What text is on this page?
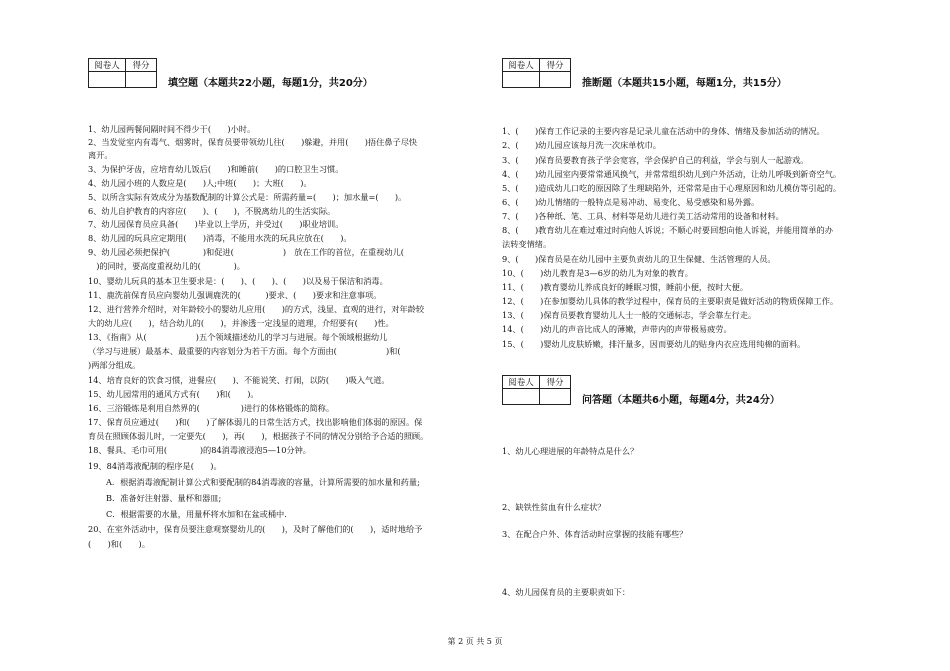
阅卷人	得分

填空题（本题共22小题，每题1分，共20分）
1、幼儿园两餐间隔时间不得少于(　　)小时。
2、当发觉室内有毒气、烟雾时，保育员要带领幼儿往(　　)躲避，并用(　　)捂住鼻子尽快
离开。
3、为保护牙齿，应培育幼儿饭后(　　)和睡前(　　)的口腔卫生习惯。
4、幼儿园小班的人数应是(　　)人;中班(　　)；大班(　　)。
5、以所含实际有效成分为基数配制的计算公式是：所需药量=(　　)；加水量=(　　)。
6、幼儿自护教育的内容应(　　)、(　　)，不脱离幼儿的生活实际。
7、幼儿园保育员应具备(　　)毕业以上学历，并受过(　　)职业培训。
8、幼儿园的玩具应定期用(　　)消毒，不能用水洗的玩具应放在(　　)。
9、幼儿园必须把保护(　　　　)和促进(　　　　　　)　放在工作的首位，在重视幼儿(
　)的同时，要高度重视幼儿的(　　　　)。
10、婴幼儿玩具的基本卫生要求是：(　　)、(　　)、(　　)以及易于保洁和消毒。
11、鹿洗前保育员应向婴幼儿强调鹿洗的(　　　)要求、(　　)要求和注意事项。
12、进行营养介绍时，对年龄较小的婴幼儿应用(　　)的方式，浅显、直观的进行，对年龄较
大的幼儿应(　　)，结合幼儿的(　　)，并渗透一定浅显的道理，介绍要有(　　)性。
13、《指南》从(　　　　　　)五个领域描述幼儿的学习与进展。每个领域根据幼儿
（学习与进展）最基本、最重要的内容划分为若干方面。每个方面由(　　　　　　)和(
)两部分组成。
14、培育良好的饮食习惯，进餐应(　　)、不能说笑、打闹，以防(　　)吸入气道。
15、幼儿园常用的通风方式有(　　)和(　　)。
16、三浴锻炼是利用自然界的(　　　　　)进行的体格锻炼的简称。
17、保育员应通过(　　)和(　　)了解体弱儿的日常生活方式，找出影响他们体弱的原因。保
育员在照顾体弱儿时，一定要先(　　)，再(　　)，根据孩子不同的情况分别给予合适的照顾。
18、餐具、毛巾可用(　　　　)的84消毒液浸泡5—10分钟。
19、84消毒液配制的程序是(　　)。
A．根据消毒液配制计算公式和要配制的84消毒液的容量，计算所需要的加水量和药量;
B．准备好注射器、量杯和器皿;
C．根据需要的水量，用量杯将水加和在盆或桶中.
20、在室外活动中，保育员要注意观察婴幼儿的(　　)，及时了解他们的(　　)，适时地给予
(　　)和(　　)。
阅卷人	得分

推断题（本题共15小题，每题1分，共15分）
1、(　　)保育工作记录的主要内容是记录儿童在活动中的身体、情绪及参加活动的情况。
2、(　　)幼儿园应该每月洗一次床单枕巾。
3、(　　)保育员要教育孩子学会宽容，学会保护自己的利益，学会与别人一起游戏。
4、(　　)幼儿园室内要常常通风换气，并常常组织幼儿到户外活动，让幼儿呼吸到新奇空气。
5、(　　)造成幼儿口吃的原因除了生理缺陷外，还常常是由于心理原因和幼儿模仿等引起的。
6、(　　)幼儿情绪的一般特点是易冲动、易变化、易受感染和易外露。
7、(　　)各种纸、笔、工具、材料等是幼儿进行美工活动常用的设备和材料。
8、(　　)教育幼儿在难过难过时向他人诉说；不顺心时要回想向他人诉说，并能用简单的办
法转变情绪。
9、(　　)保育员是在幼儿园中主要负责幼儿的卫生保健、生活管理的人员。
10、(　　)幼儿教育是3—6岁的幼儿为对象的教育。
11、(　　)教育婴幼儿养成良好的睡眠习惯，睡前小便，按时大便。
12、(　　)在参加婴幼儿具体的教学过程中，保育员的主要职责是做好活动的物质保障工作。
13、(　　)保育员要教育婴幼儿人士一般的交通标志，学会靠左行走。
14、(　　)幼儿的声音比成人的薄嫩，声带内的声带极易疲劳。
15、(　　)婴幼儿皮肤娇嫩，排汗量多，因而要幼儿的贴身内衣应选用纯棉的面料。
阅卷人	得分

问答题（本题共6小题，每题4分，共24分）
1、幼儿心理进展的年龄特点是什么？
2、缺铁性贫血有什么症状？
3、在配合户外、体育活动时应掌握的技能有哪些？
4、幼儿园保育员的主要职责如下：
第 2 页 共 5 页
